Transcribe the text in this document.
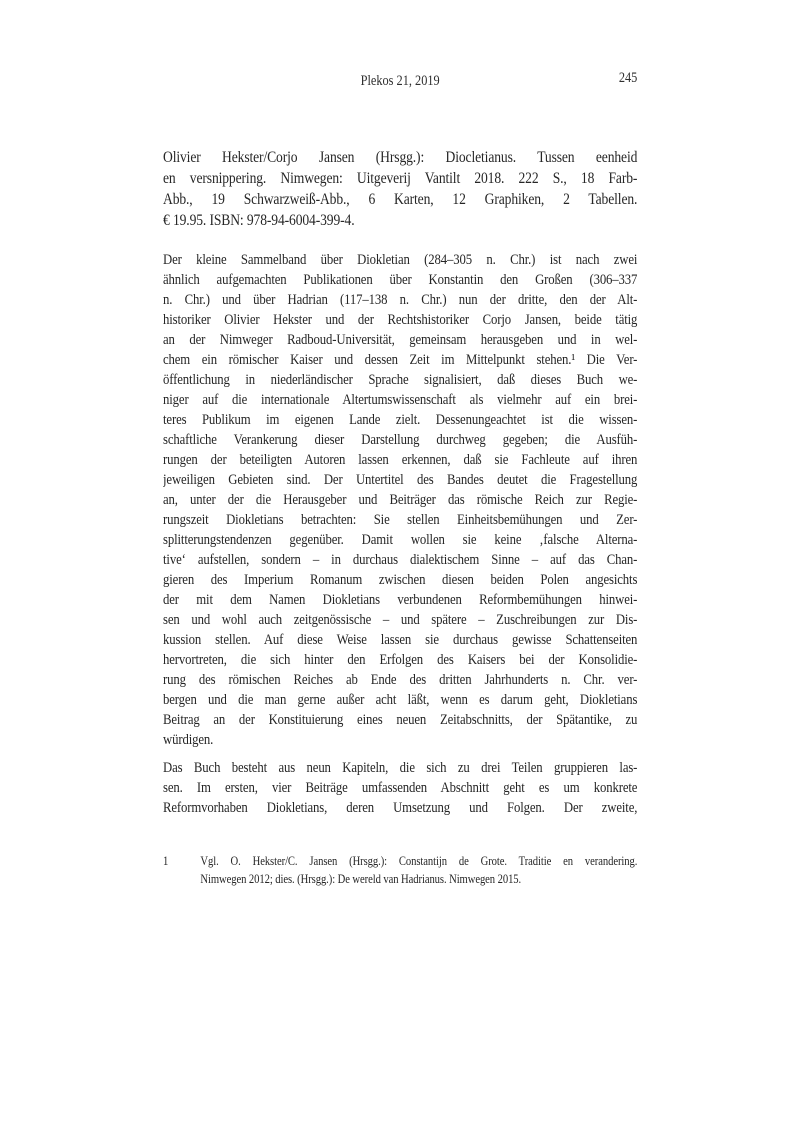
Plekos 21, 2019	245
Olivier Hekster/Corjo Jansen (Hrsgg.): Diocletianus. Tussen eenheid
en versnippering. Nimwegen: Uitgeverij Vantilt 2018. 222 S., 18 Farb-
Abb., 19 Schwarzweiß-Abb., 6 Karten, 12 Graphiken, 2 Tabellen.
€ 19.95. ISBN: 978-94-6004-399-4.
Der kleine Sammelband über Diokletian (284–305 n. Chr.) ist nach zwei
ähnlich aufgemachten Publikationen über Konstantin den Großen (306–337
n. Chr.) und über Hadrian (117–138 n. Chr.) nun der dritte, den der Alt-
historiker Olivier Hekster und der Rechtshistoriker Corjo Jansen, beide tätig
an der Nimweger Radboud-Universität, gemeinsam herausgeben und in wel-
chem ein römischer Kaiser und dessen Zeit im Mittelpunkt stehen.¹ Die Ver-
öffentlichung in niederländischer Sprache signalisiert, daß dieses Buch we-
niger auf die internationale Altertumswissenschaft als vielmehr auf ein brei-
teres Publikum im eigenen Lande zielt. Dessenungeachtet ist die wissen-
schaftliche Verankerung dieser Darstellung durchweg gegeben; die Ausfüh-
rungen der beteiligten Autoren lassen erkennen, daß sie Fachleute auf ihren
jeweiligen Gebieten sind. Der Untertitel des Bandes deutet die Fragestellung
an, unter der die Herausgeber und Beiträger das römische Reich zur Regie-
rungszeit Diokletians betrachten: Sie stellen Einheitsbemühungen und Zer-
splitterungstendenzen gegenüber. Damit wollen sie keine ‚falsche Alterna-
tive‘ aufstellen, sondern – in durchaus dialektischem Sinne – auf das Chan-
gieren des Imperium Romanum zwischen diesen beiden Polen angesichts
der mit dem Namen Diokletians verbundenen Reformbemühungen hinwei-
sen und wohl auch zeitgenössische – und spätere – Zuschreibungen zur Dis-
kussion stellen. Auf diese Weise lassen sie durchaus gewisse Schattenseiten
hervortreten, die sich hinter den Erfolgen des Kaisers bei der Konsolidie-
rung des römischen Reiches ab Ende des dritten Jahrhunderts n. Chr. ver-
bergen und die man gerne außer acht läßt, wenn es darum geht, Diokletians
Beitrag an der Konstituierung eines neuen Zeitabschnitts, der Spätantike, zu
würdigen.
Das Buch besteht aus neun Kapiteln, die sich zu drei Teilen gruppieren las-
sen. Im ersten, vier Beiträge umfassenden Abschnitt geht es um konkrete
Reformvorhaben Diokletians, deren Umsetzung und Folgen. Der zweite,
1	Vgl. O. Hekster/C. Jansen (Hrsgg.): Constantijn de Grote. Traditie en verandering.
Nimwegen 2012; dies. (Hrsgg.): De wereld van Hadrianus. Nimwegen 2015.
